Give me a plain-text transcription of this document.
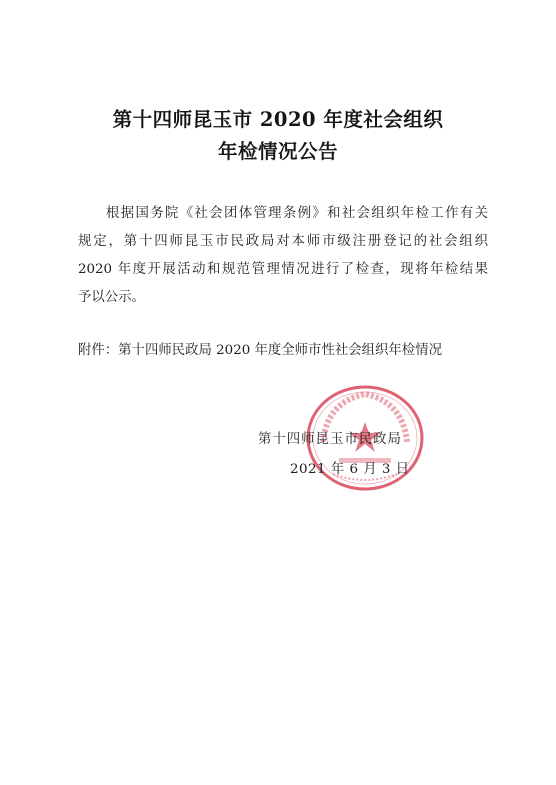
第十四师昆玉市 2020 年度社会组织
年检情况公告
根据国务院《社会团体管理条例》和社会组织年检工作有关
规定，第十四师昆玉市民政局对本师市级注册登记的社会组织
2020 年度开展活动和规范管理情况进行了检查，现将年检结果
予以公示。
附件：第十四师民政局 2020 年度全师市性社会组织年检情况
第十四师昆玉市民政局
2021 年 6 月 3 日
